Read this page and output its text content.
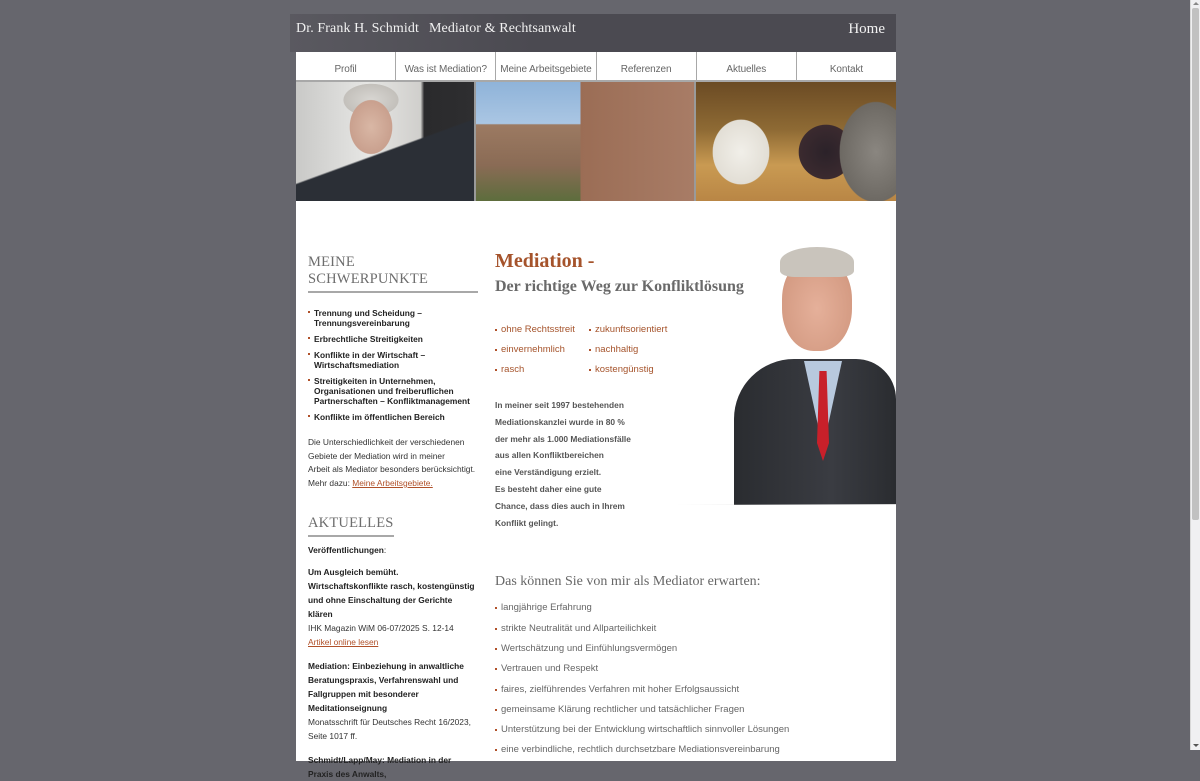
Dr. Frank H. Schmidt Mediator & Rechtsanwalt	Home
Profil	Was ist Mediation?	Meine Arbeitsgebiete	Referenzen	Aktuelles	Kontakt
MEINE SCHWERPUNKTE
Trennung und Scheidung – Trennungsvereinbarung
Erbrechtliche Streitigkeiten
Konflikte in der Wirtschaft – Wirtschaftsmediation
Streitigkeiten in Unternehmen, Organisationen und freiberuflichen Partnerschaften – Konfliktmanagement
Konflikte im öffentlichen Bereich
Die Unterschiedlichkeit der verschiedenen
Gebiete der Mediation wird in meiner
Arbeit als Mediator besonders berücksichtigt.
Mehr dazu: Meine Arbeitsgebiete.
AKTUELLES
Veröffentlichungen:
Um Ausgleich bemüht. Wirtschaftskonflikte rasch, kostengünstig und ohne Einschaltung der Gerichte klären
IHK Magazin WiM 06-07/2025 S. 12-14 Artikel online lesen
Mediation: Einbeziehung in anwaltliche Beratungspraxis, Verfahrenswahl und Fallgruppen mit besonderer Meditationseignung
Monatsschrift für Deutsches Recht 16/2023, Seite 1017 ff.
Schmidt/Lapp/May: Mediation in der Praxis des Anwalts,
Mediation -
Der richtige Weg zur Konfliktlösung
ohne Rechtsstreit	zukunftsorientiert
einvernehmlich	nachhaltig
rasch	kostengünstig
In meiner seit 1997 bestehenden
Mediationskanzlei wurde in 80 %
der mehr als 1.000 Mediationsfälle
aus allen Konfliktbereichen
eine Verständigung erzielt.
Es besteht daher eine gute
Chance, dass dies auch in Ihrem
Konflikt gelingt.
Das können Sie von mir als Mediator erwarten:
langjährige Erfahrung
strikte Neutralität und Allparteilichkeit
Wertschätzung und Einfühlungsvermögen
Vertrauen und Respekt
faires, zielführendes Verfahren mit hoher Erfolgsaussicht
gemeinsame Klärung rechtlicher und tatsächlicher Fragen
Unterstützung bei der Entwicklung wirtschaftlich sinnvoller Lösungen
eine verbindliche, rechtlich durchsetzbare Mediationsvereinbarung
